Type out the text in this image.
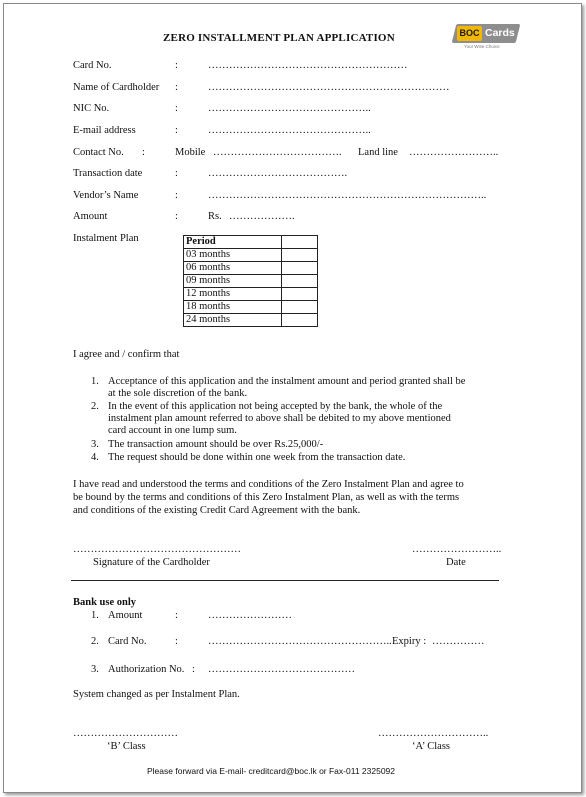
ZERO INSTALLMENT PLAN APPLICATION	BOC Cards
Your Wise Choice
Card No.	:	…………………………………………………
Name of Cardholder :	……………………………………………………………
NIC No.	:	………………………………………..
E-mail address	:	………………………………………..
Contact No. :	Mobile ………………………………. Land line ……………………..
Transaction date	:	………………………………….
Vendor’s Name	:	……………………………………………………………………..
Amount	:	Rs. ……………….
Instalment Plan	Period	
03 months	
06 months	
09 months	
12 months	
18 months	
24 months	
I agree and / confirm that
1. Acceptance of this application and the instalment amount and period granted shall be
at the sole discretion of the bank.
2. In the event of this application not being accepted by the bank, the whole of the
instalment plan amount referred to above shall be debited to my above mentioned
card account in one lump sum.
3. The transaction amount should be over Rs.25,000/-
4. The request should be done within one week from the transaction date.
I have read and understood the terms and conditions of the Zero Instalment Plan and agree to
be bound by the terms and conditions of this Zero Instalment Plan, as well as with the terms
and conditions of the existing Credit Card Agreement with the bank.
…………………………………………
Signature of the Cardholder
……………………..
Date
Bank use only
1. Amount	:	……………………
2. Card No.	:	…………………………………………….. Expiry : ……………
3. Authorization No. : ……………………………………
System changed as per Instalment Plan.
…………………………
‘B’ Class
…………………………..
‘A’ Class
Please forward via E-mail- creditcard@boc.lk or Fax-011 2325092
